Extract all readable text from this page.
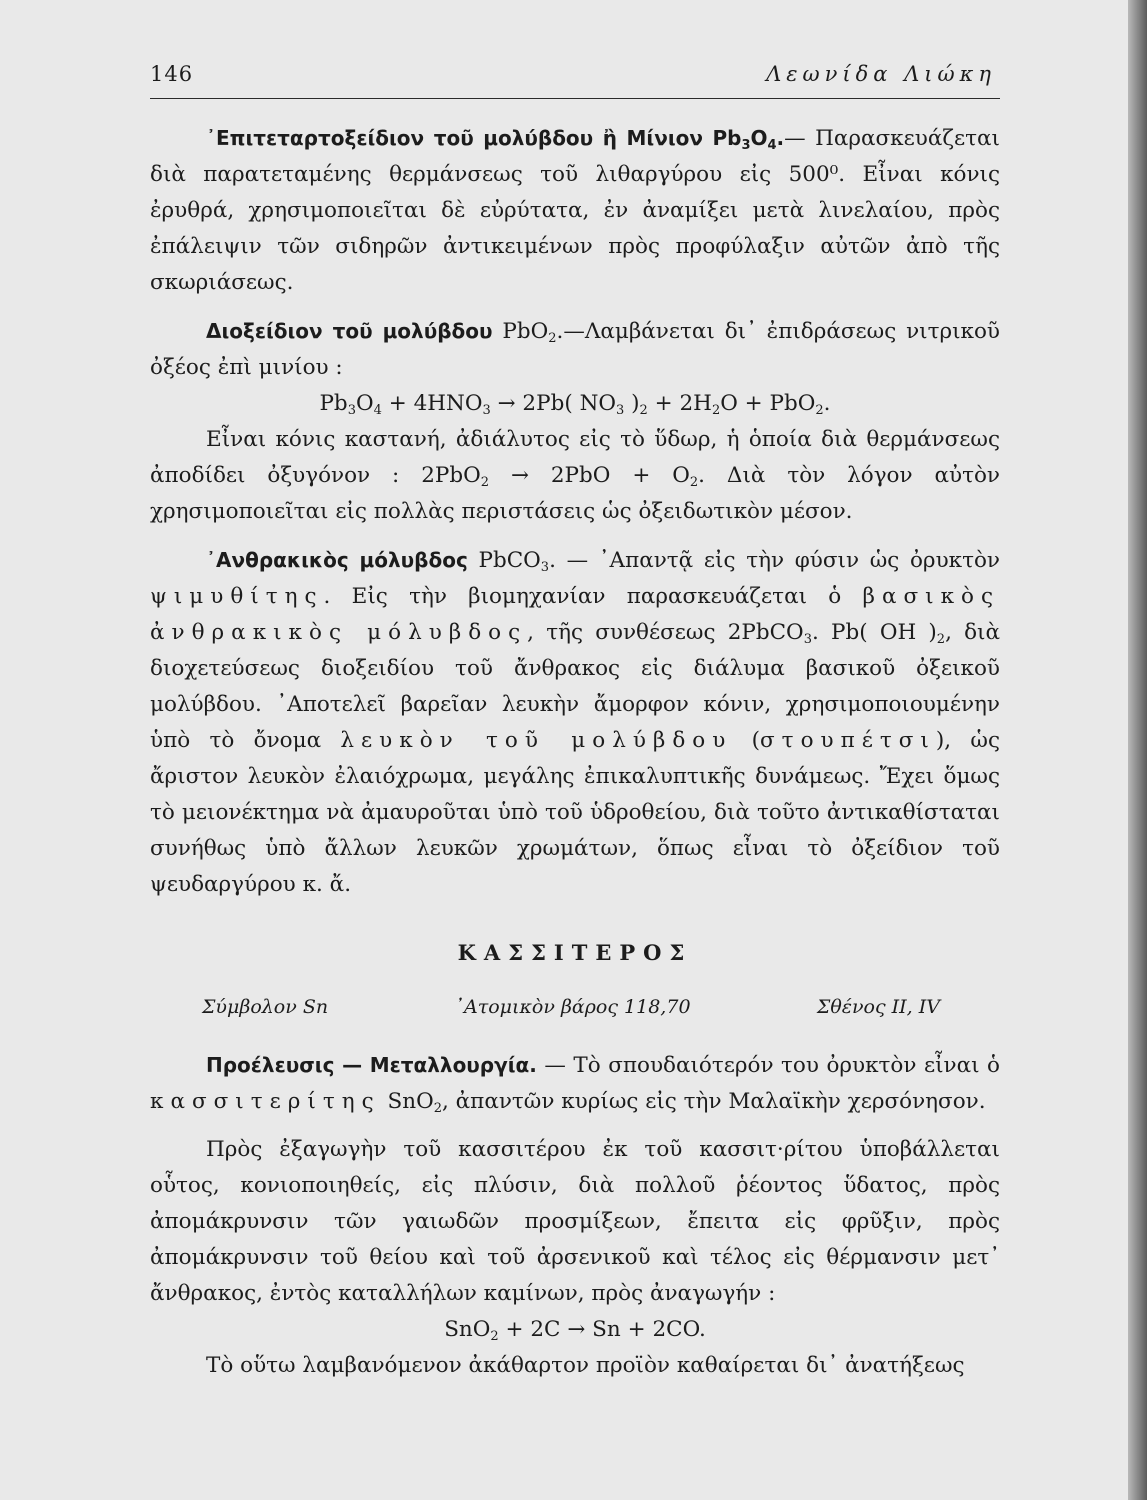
146	Λεωνίδα Λιώκη

᾿Επιτεταρτοξείδιον τοῦ μολύβδου ἢ Μίνιον $Pb_3O_4.—$ Παρασκευάζεται διὰ παρατεταμένης θερμάνσεως τοῦ λιθαργύρου εἰς 500⁰. Εἶναι κόνις ἐρυθρά, χρησιμοποιεῖται δὲ εὐρύτατα, ἐν ἀναμίξει μετὰ λινελαίου, πρὸς ἐπάλειψιν τῶν σιδηρῶν ἀντικειμένων πρὸς προφύλαξιν αὐτῶν ἀπὸ τῆς σκωριάσεως.

Διοξείδιον τοῦ μολύβδου PbO$_2$.—Λαμβάνεται δι᾿ ἐπιδράσεως νιτρικοῦ ὀξέος ἐπὶ μινίου :

$Pb_3O_4 + 4HNO_3 \to 2Pb$( $NO_3$ )$_2 + 2H_2O + PbO_2$.

Εἶναι κόνις καστανή, ἀδιάλυτος εἰς τὸ ὕδωρ, ἡ ὁποία διὰ θερμάνσεως ἀποδίδει ὀξυγόνον : $2PbO_2 \to 2PbO + O_2$. Διὰ τὸν λόγον αὐτὸν χρησιμοποιεῖται εἰς πολλὰς περιστάσεις ὡς ὀξειδωτικὸν μέσον.

᾿Ανθρακικὸς μόλυβδος PbCO$_3$. — ᾿Απαντᾷ εἰς τὴν φύσιν ὡς ὀρυκτὸν ψιμυθίτης. Εἰς τὴν βιομηχανίαν παρασκευάζεται ὁ βασικὸς ἀνθρακικὸς μόλυβδος, τῆς συνθέσεως 2PbCO$_3$. Pb( OH )$_2$, διὰ διοχετεύσεως διοξειδίου τοῦ ἄνθρακος εἰς διάλυμα βασικοῦ ὀξεικοῦ μολύβδου. ᾿Αποτελεῖ βαρεῖαν λευκὴν ἄμορφον κόνιν, χρησιμοποιουμένην ὑπὸ τὸ ὄνομα λευκὸν τοῦ μολύβδου (στουπέτσι), ὡς ἄριστον λευκὸν ἐλαιόχρωμα, μεγάλης ἐπικαλυπτικῆς δυνάμεως. Ἔχει ὅμως τὸ μειονέκτημα νὰ ἀμαυροῦται ὑπὸ τοῦ ὑδροθείου, διὰ τοῦτο ἀντικαθίσταται συνήθως ὑπὸ ἄλλων λευκῶν χρωμάτων, ὅπως εἶναι τὸ ὀξείδιον τοῦ ψευδαργύρου κ. ἄ.

ΚΑΣΣΙΤΕΡΟΣ
Σύμβολον Sn	᾿Ατομικὸν βάρος 118,70	Σθένος II, IV

Προέλευσις — Μεταλλουργία. — Τὸ σπουδαιότερόν του ὀρυκτὸν εἶναι ὁ κασσιτερίτης SnO$_2$, ἀπαντῶν κυρίως εἰς τὴν Μαλαϊκὴν χερσόνησον.

Πρὸς ἐξαγωγὴν τοῦ κασσιτέρου ἐκ τοῦ κασσιτ·ρίτου ὑποβάλλεται οὗτος, κονιοποιηθείς, εἰς πλύσιν, διὰ πολλοῦ ῥέοντος ὕδατος, πρὸς ἀπομάκρυνσιν τῶν γαιωδῶν προσμίξεων, ἔπειτα εἰς φρῦξιν, πρὸς ἀπομάκρυνσιν τοῦ θείου καὶ τοῦ ἀρσενικοῦ καὶ τέλος εἰς θέρμανσιν μετ᾿ ἄνθρακος, ἐντὸς καταλλήλων καμίνων, πρὸς ἀναγωγήν :

SnO$_2$ + 2C → Sn + 2CO.

Τὸ οὕτω λαμβανόμενον ἀκάθαρτον προϊὸν καθαίρεται δι᾿ ἀνατήξεως
